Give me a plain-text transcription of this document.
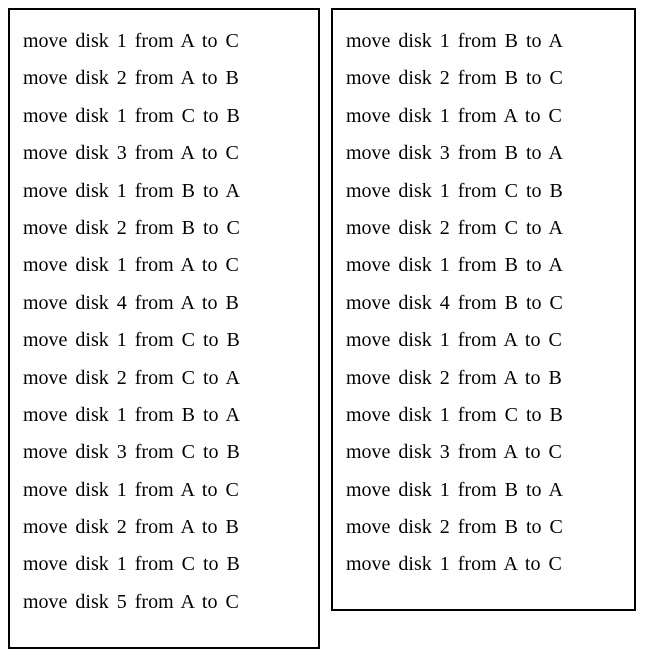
move disk 1 from A to C
move disk 2 from A to B
move disk 1 from C to B
move disk 3 from A to C
move disk 1 from B to A
move disk 2 from B to C
move disk 1 from A to C
move disk 4 from A to B
move disk 1 from C to B
move disk 2 from C to A
move disk 1 from B to A
move disk 3 from C to B
move disk 1 from A to C
move disk 2 from A to B
move disk 1 from C to B
move disk 5 from A to C
move disk 1 from B to A
move disk 2 from B to C
move disk 1 from A to C
move disk 3 from B to A
move disk 1 from C to B
move disk 2 from C to A
move disk 1 from B to A
move disk 4 from B to C
move disk 1 from A to C
move disk 2 from A to B
move disk 1 from C to B
move disk 3 from A to C
move disk 1 from B to A
move disk 2 from B to C
move disk 1 from A to C
